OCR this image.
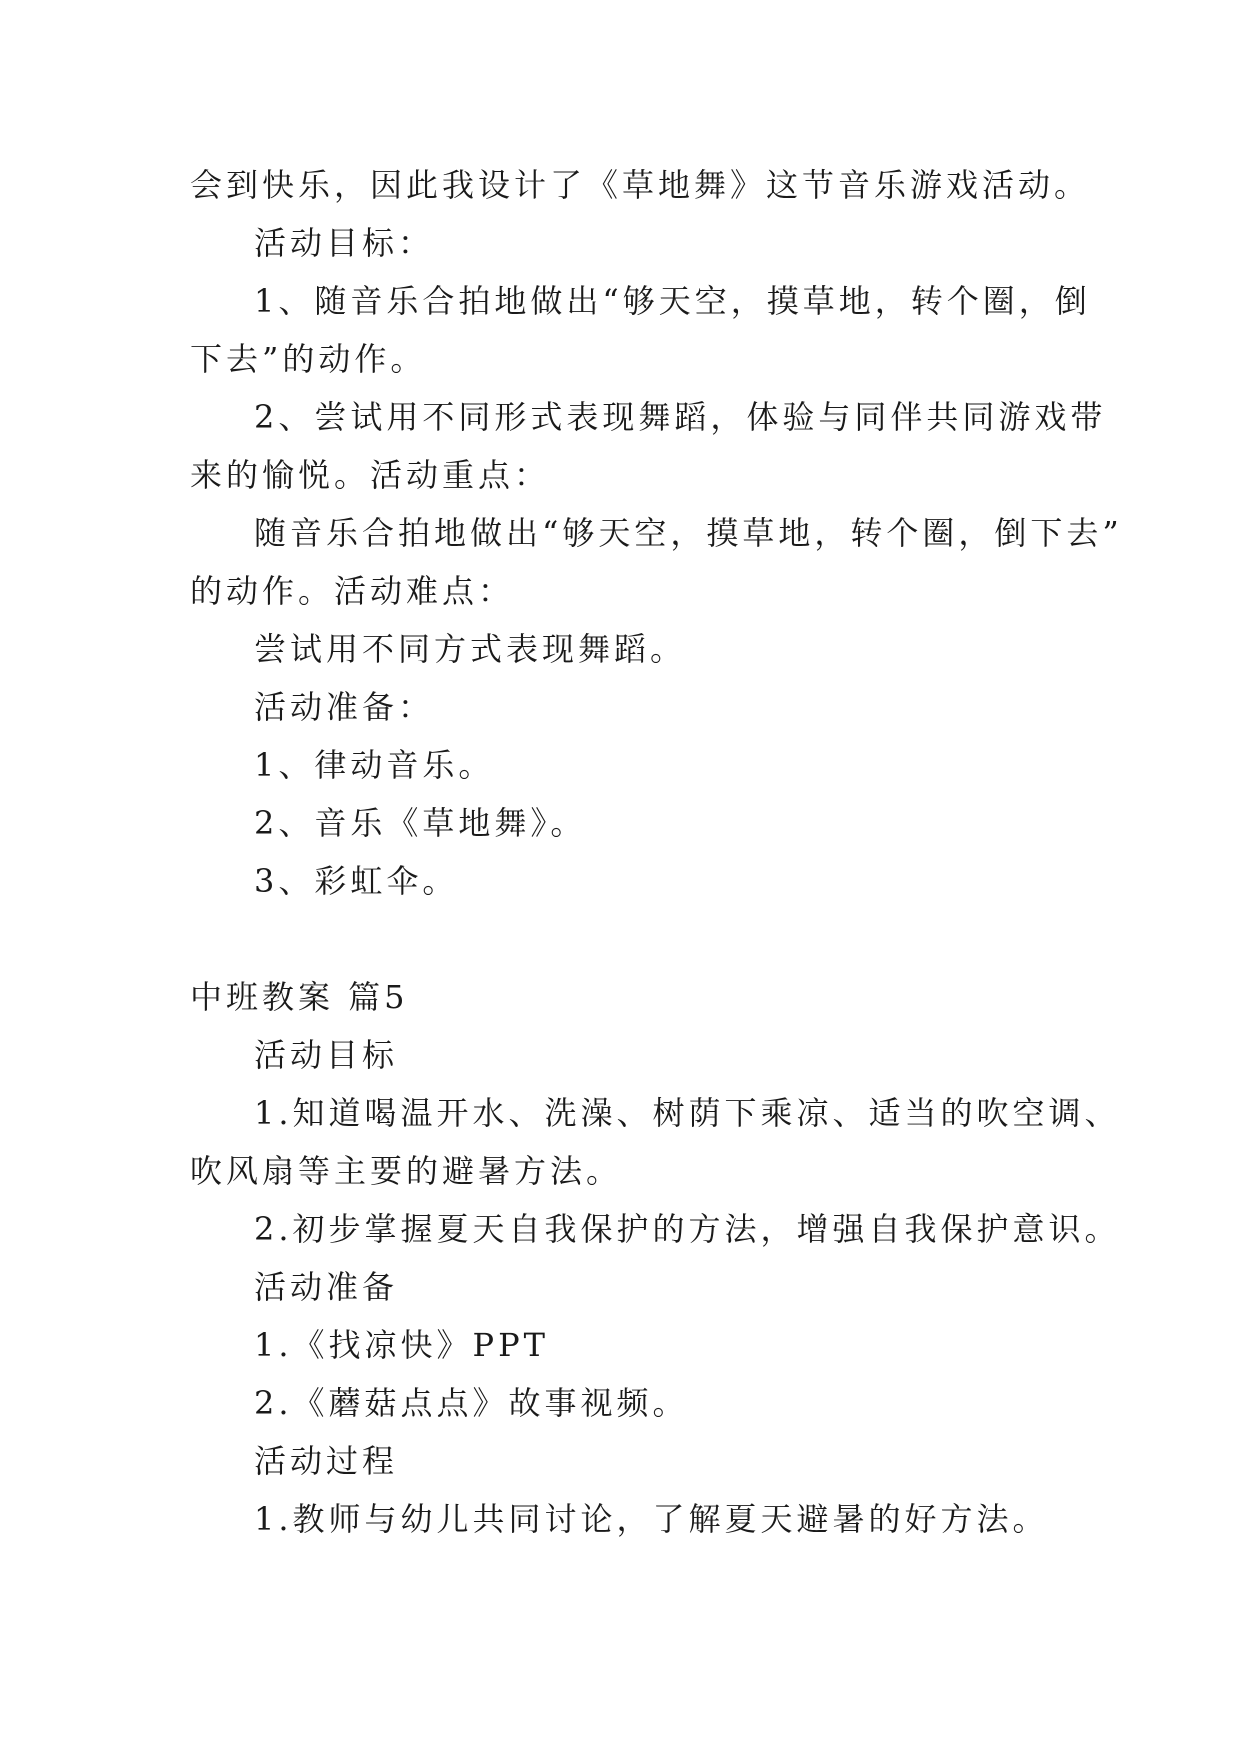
会到快乐，因此我设计了《草地舞》这节音乐游戏活动。
活动目标：
1、随音乐合拍地做出“够天空，摸草地，转个圈，倒
下去”的动作。
2、尝试用不同形式表现舞蹈，体验与同伴共同游戏带
来的愉悦。活动重点：
随音乐合拍地做出“够天空，摸草地，转个圈，倒下去”
的动作。活动难点：
尝试用不同方式表现舞蹈。
活动准备：
1、律动音乐。
2、音乐《草地舞》。
3、彩虹伞。
中班教案 篇5
活动目标
1.知道喝温开水、洗澡、树荫下乘凉、适当的吹空调、
吹风扇等主要的避暑方法。
2.初步掌握夏天自我保护的方法，增强自我保护意识。
活动准备
1.《找凉快》PPT
2.《蘑菇点点》故事视频。
活动过程
1.教师与幼儿共同讨论，了解夏天避暑的好方法。
